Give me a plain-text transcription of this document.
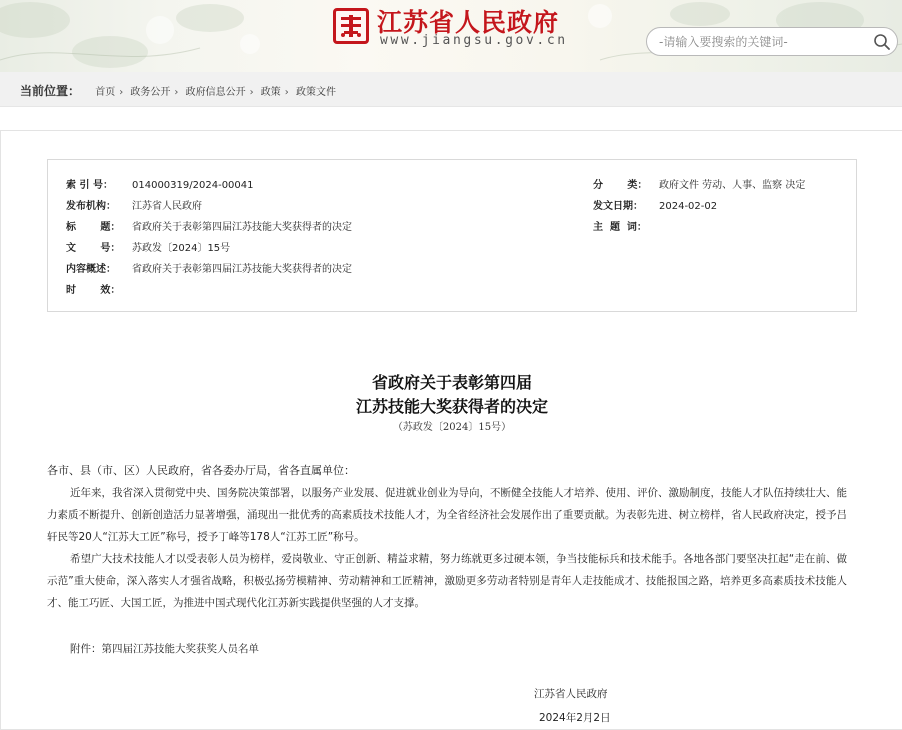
江苏省人民政府
www.jiangsu.gov.cn
-请输入要搜索的关键词-
当前位置： 首页 › 政务公开 › 政府信息公开 › 政策 › 政策文件
索 引 号： 014000319/2024-00041
发布机构： 江苏省人民政府
标       题： 省政府关于表彰第四届江苏技能大奖获得者的决定
文       号： 苏政发〔2024〕15号
内容概述： 省政府关于表彰第四届江苏技能大奖获得者的决定
时       效：
分       类： 政府文件 劳动、人事、监察 决定
发文日期： 2024-02-02
主  题  词：
省政府关于表彰第四届
江苏技能大奖获得者的决定
（苏政发〔2024〕15号）
各市、县（市、区）人民政府，省各委办厅局，省各直属单位：
近年来，我省深入贯彻党中央、国务院决策部署，以服务产业发展、促进就业创业为导向，不断健全技能人才培养、使用、评价、激励制度，技能人才队伍持续壮大、能力素质不断提升、创新创造活力显著增强，涌现出一批优秀的高素质技术技能人才，为全省经济社会发展作出了重要贡献。为表彰先进、树立榜样，省人民政府决定，授予吕轩民等20人“江苏大工匠”称号，授予丁峰等178人“江苏工匠”称号。
希望广大技术技能人才以受表彰人员为榜样，爱岗敬业、守正创新、精益求精，努力练就更多过硬本领，争当技能标兵和技术能手。各地各部门要坚决扛起“走在前、做示范”重大使命，深入落实人才强省战略，积极弘扬劳模精神、劳动精神和工匠精神，激励更多劳动者特别是青年人走技能成才、技能报国之路，培养更多高素质技术技能人才、能工巧匠、大国工匠，为推进中国式现代化江苏新实践提供坚强的人才支撑。
附件：第四届江苏技能大奖获奖人员名单
江苏省人民政府
2024年2月2日
